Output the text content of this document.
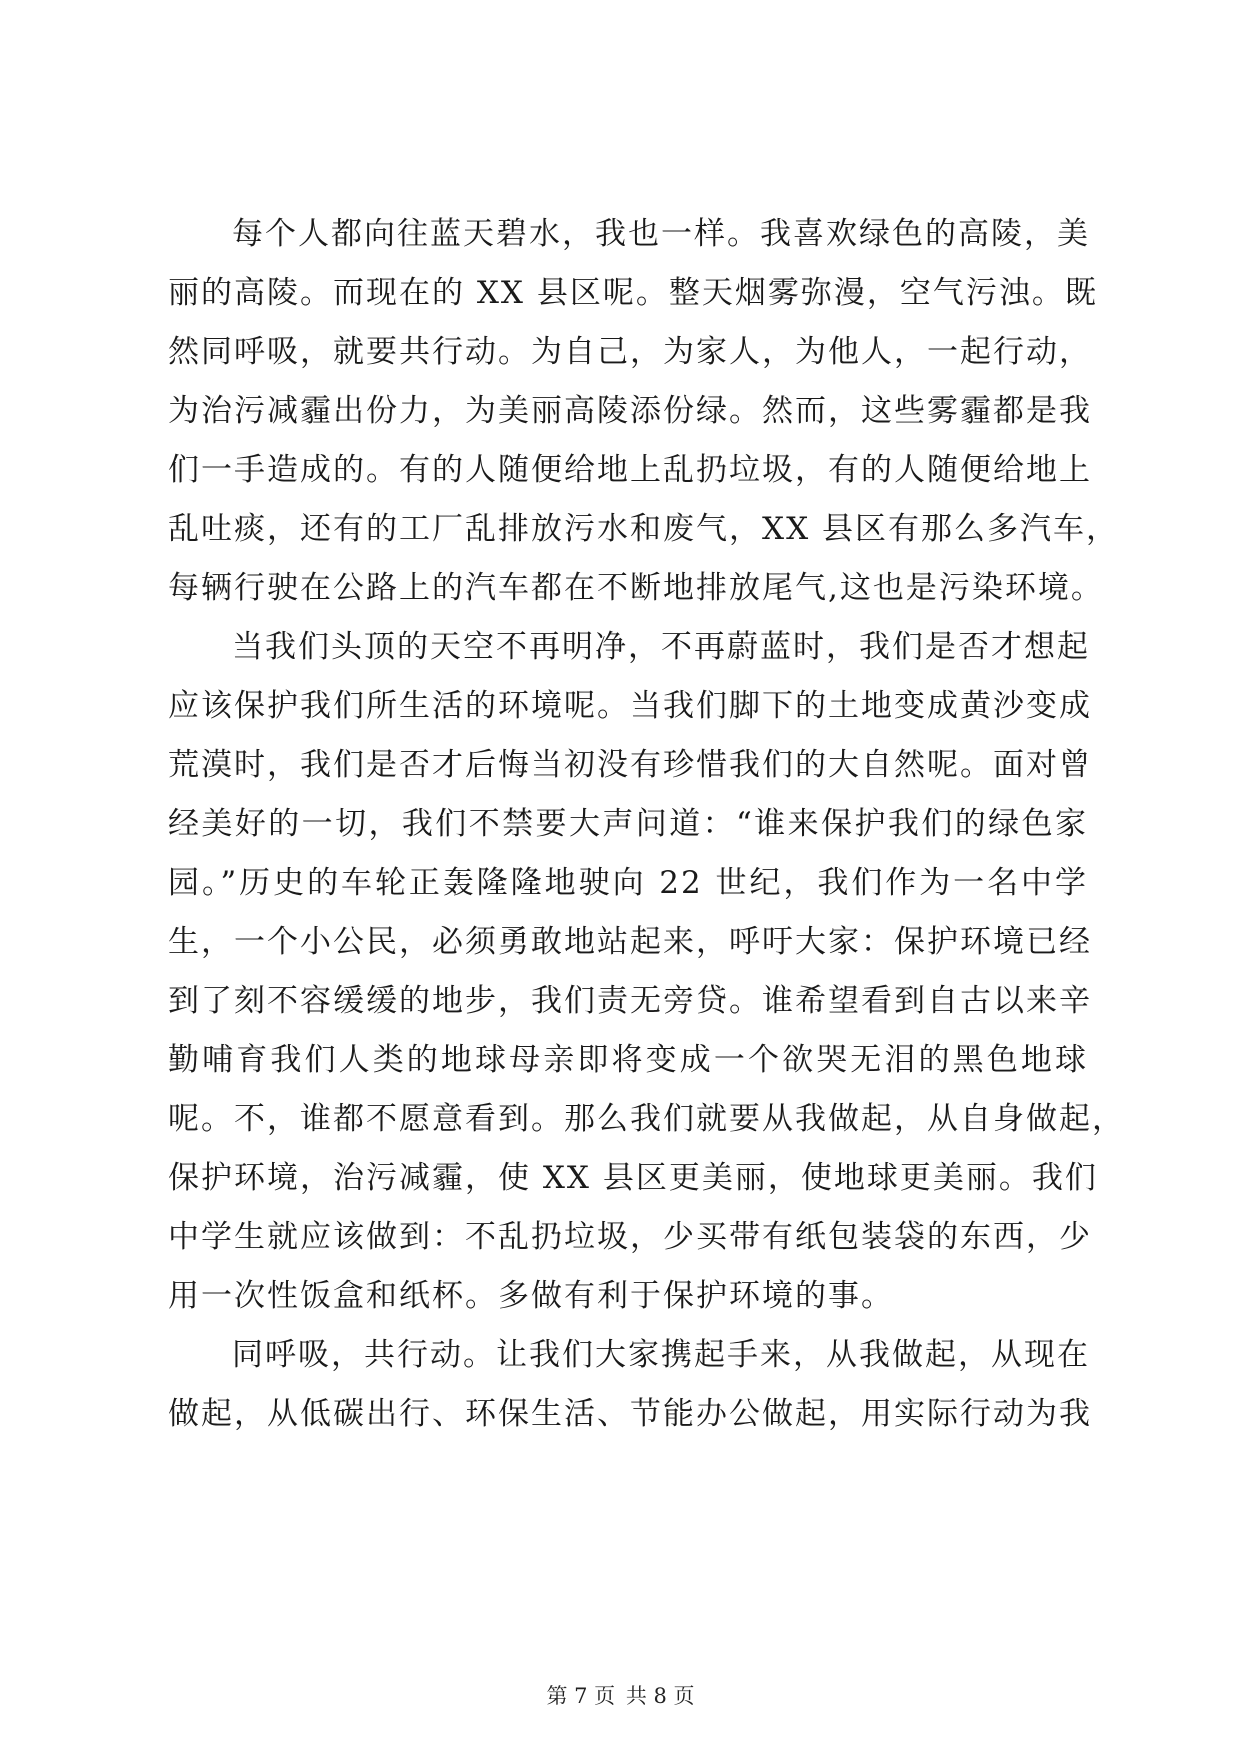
每个人都向往蓝天碧水，我也一样。我喜欢绿色的高陵，美
丽的高陵。而现在的 XX 县区呢。整天烟雾弥漫，空气污浊。既
然同呼吸，就要共行动。为自己，为家人，为他人，一起行动，
为治污减霾出份力，为美丽高陵添份绿。然而，这些雾霾都是我
们一手造成的。有的人随便给地上乱扔垃圾，有的人随便给地上
乱吐痰，还有的工厂乱排放污水和废气，XX 县区有那么多汽车，
每辆行驶在公路上的汽车都在不断地排放尾气,这也是污染环境。
当我们头顶的天空不再明净，不再蔚蓝时，我们是否才想起
应该保护我们所生活的环境呢。当我们脚下的土地变成黄沙变成
荒漠时，我们是否才后悔当初没有珍惜我们的大自然呢。面对曾
经美好的一切，我们不禁要大声问道：“谁来保护我们的绿色家
园。”历史的车轮正轰隆隆地驶向 22 世纪，我们作为一名中学
生，一个小公民，必须勇敢地站起来，呼吁大家：保护环境已经
到了刻不容缓缓的地步，我们责无旁贷。谁希望看到自古以来辛
勤哺育我们人类的地球母亲即将变成一个欲哭无泪的黑色地球
呢。不，谁都不愿意看到。那么我们就要从我做起，从自身做起，
保护环境，治污减霾，使 XX 县区更美丽，使地球更美丽。我们
中学生就应该做到：不乱扔垃圾，少买带有纸包装袋的东西，少
用一次性饭盒和纸杯。多做有利于保护环境的事。
同呼吸，共行动。让我们大家携起手来，从我做起，从现在
做起，从低碳出行、环保生活、节能办公做起，用实际行动为我
第 7 页 共 8 页
